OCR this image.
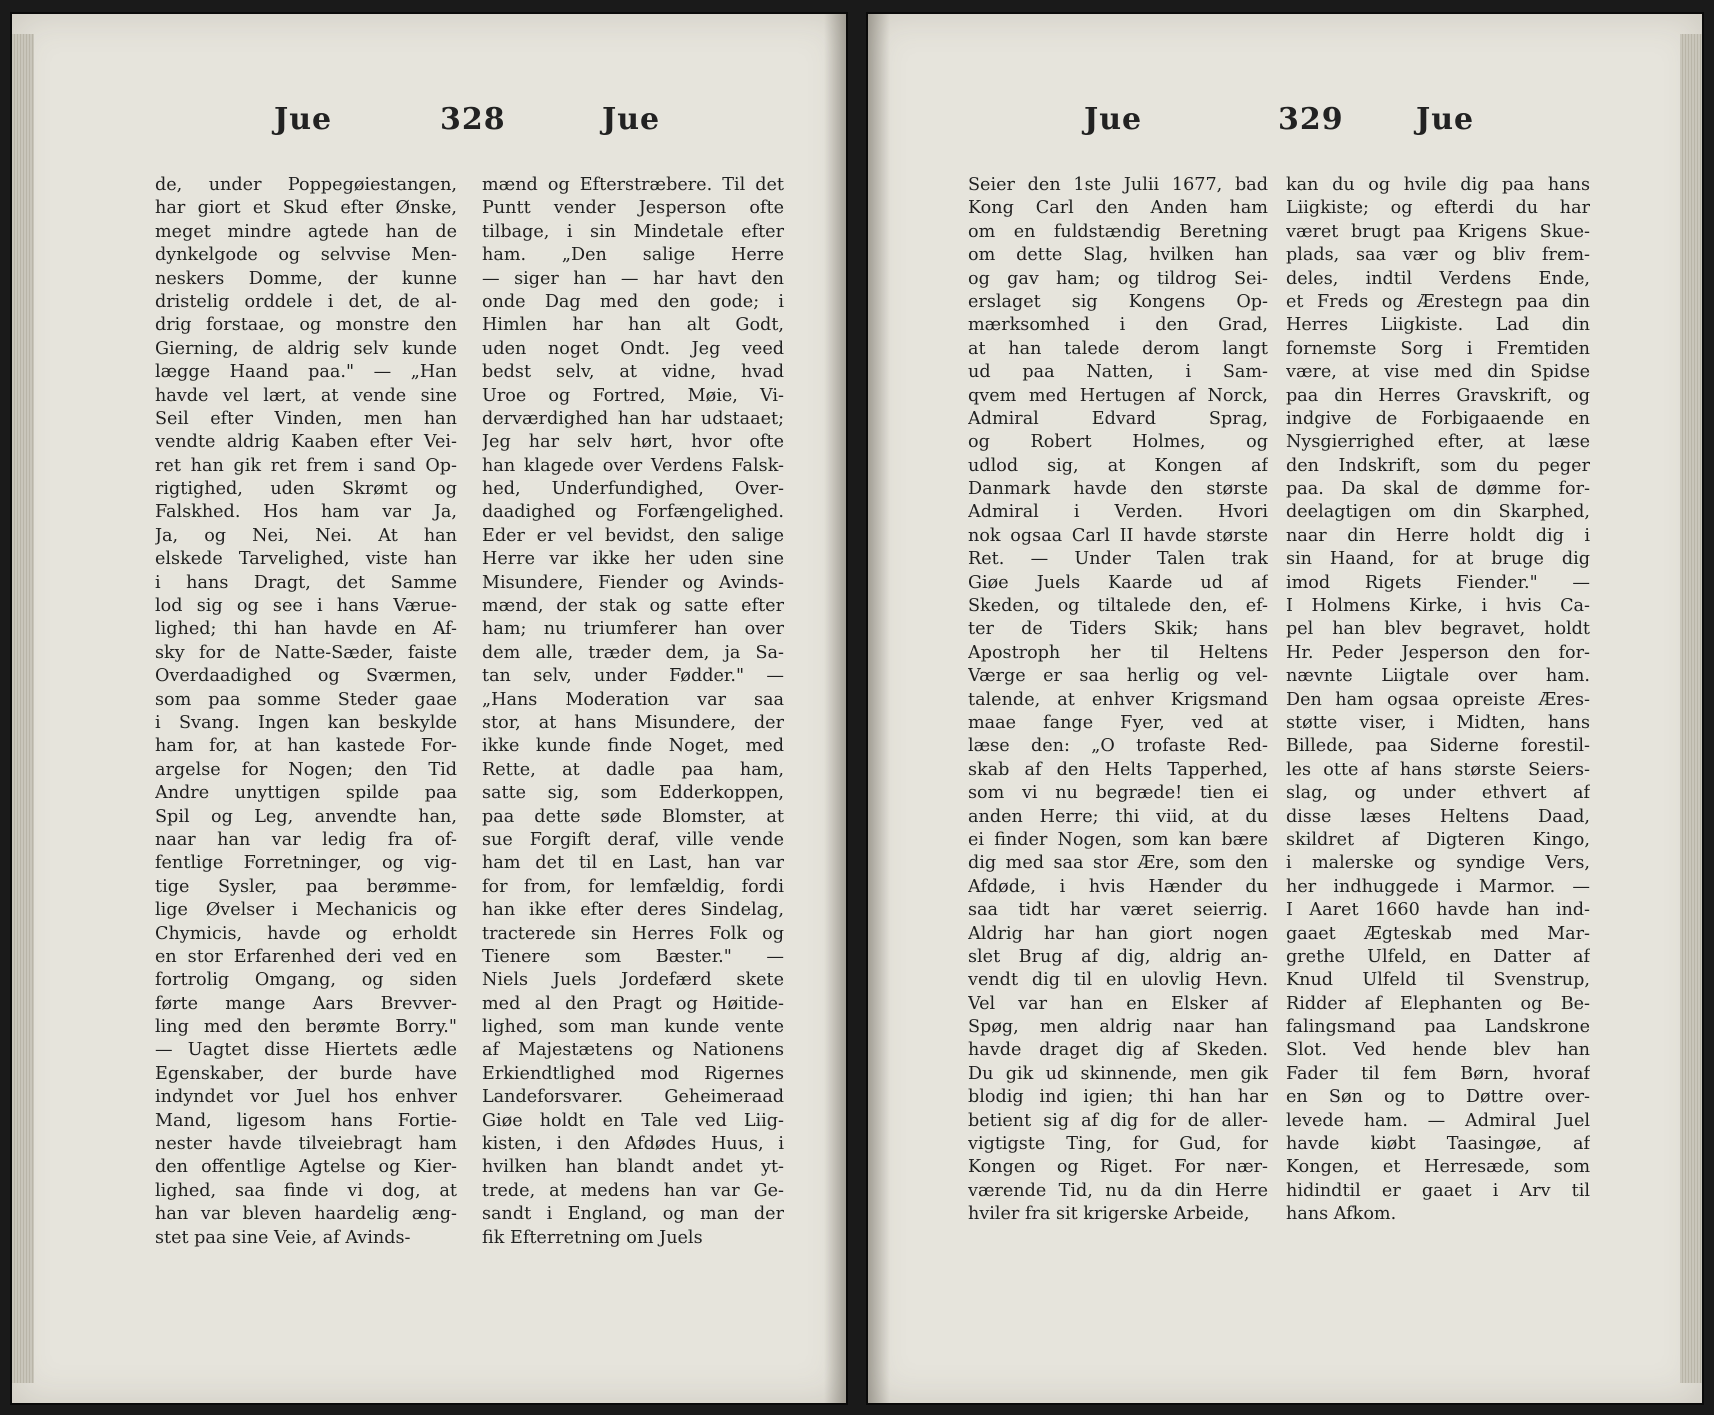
Jue	328	Jue
de, under Poppegøiestangen,
har giort et Skud efter Ønske,
meget mindre agtede han de
dynkelgode og selvvise Men-
neskers Domme, der kunne
dristelig orddele i det, de al-
drig forstaae, og monstre den
Gierning, de aldrig selv kunde
lægge Haand paa." — „Han
havde vel lært, at vende sine
Seil efter Vinden, men han
vendte aldrig Kaaben efter Vei-
ret han gik ret frem i sand Op-
rigtighed, uden Skrømt og
Falskhed. Hos ham var Ja,
Ja, og Nei, Nei. At han
elskede Tarvelighed, viste han
i hans Dragt, det Samme
lod sig og see i hans Værue-
lighed; thi han havde en Af-
sky for de Natte-Sæder, faiste
Overdaadighed og Sværmen,
som paa somme Steder gaae
i Svang. Ingen kan beskylde
ham for, at han kastede For-
argelse for Nogen; den Tid
Andre unyttigen spilde paa
Spil og Leg, anvendte han,
naar han var ledig fra of-
fentlige Forretninger, og vig-
tige Sysler, paa berømme-
lige Øvelser i Mechanicis og
Chymicis, havde og erholdt
en stor Erfarenhed deri ved en
fortrolig Omgang, og siden
førte mange Aars Brevver-
ling med den berømte Borry."
— Uagtet disse Hiertets ædle
Egenskaber, der burde have
indyndet vor Juel hos enhver
Mand, ligesom hans Fortie-
nester havde tilveiebragt ham
den offentlige Agtelse og Kier-
lighed, saa finde vi dog, at
han var bleven haardelig æng-
stet paa sine Veie, af Avinds-
mænd og Efterstræbere. Til det
Puntt vender Jesperson ofte
tilbage, i sin Mindetale efter
ham. „Den salige Herre
— siger han — har havt den
onde Dag med den gode; i
Himlen har han alt Godt,
uden noget Ondt. Jeg veed
bedst selv, at vidne, hvad
Uroe og Fortred, Møie, Vi-
derværdighed han har udstaaet;
Jeg har selv hørt, hvor ofte
han klagede over Verdens Falsk-
hed, Underfundighed, Over-
daadighed og Forfængelighed.
Eder er vel bevidst, den salige
Herre var ikke her uden sine
Misundere, Fiender og Avinds-
mænd, der stak og satte efter
ham; nu triumferer han over
dem alle, træder dem, ja Sa-
tan selv, under Fødder." —
„Hans Moderation var saa
stor, at hans Misundere, der
ikke kunde finde Noget, med
Rette, at dadle paa ham,
satte sig, som Edderkoppen,
paa dette søde Blomster, at
sue Forgift deraf, ville vende
ham det til en Last, han var
for from, for lemfældig, fordi
han ikke efter deres Sindelag,
tracterede sin Herres Folk og
Tienere som Bæster." —
Niels Juels Jordefærd skete
med al den Pragt og Høitide-
lighed, som man kunde vente
af Majestætens og Nationens
Erkiendtlighed mod Rigernes
Landeforsvarer. Geheimeraad
Giøe holdt en Tale ved Liig-
kisten, i den Afdødes Huus, i
hvilken han blandt andet yt-
trede, at medens han var Ge-
sandt i England, og man der
fik Efterretning om Juels
Jue	329 Jue
Seier den 1ste Julii 1677, bad
Kong Carl den Anden ham
om en fuldstændig Beretning
om dette Slag, hvilken han
og gav ham; og tildrog Sei-
erslaget sig Kongens Op-
mærksomhed i den Grad,
at han talede derom langt
ud paa Natten, i Sam-
qvem med Hertugen af Norck,
Admiral Edvard Sprag,
og Robert Holmes, og
udlod sig, at Kongen af
Danmark havde den største
Admiral i Verden. Hvori
nok ogsaa Carl II havde største
Ret. — Under Talen trak
Giøe Juels Kaarde ud af
Skeden, og tiltalede den, ef-
ter de Tiders Skik; hans
Apostroph her til Heltens
Værge er saa herlig og vel-
talende, at enhver Krigsmand
maae fange Fyer, ved at
læse den: „O trofaste Red-
skab af den Helts Tapperhed,
som vi nu begræde! tien ei
anden Herre; thi viid, at du
ei finder Nogen, som kan bære
dig med saa stor Ære, som den
Afdøde, i hvis Hænder du
saa tidt har været seierrig.
Aldrig har han giort nogen
slet Brug af dig, aldrig an-
vendt dig til en ulovlig Hevn.
Vel var han en Elsker af
Spøg, men aldrig naar han
havde draget dig af Skeden.
Du gik ud skinnende, men gik
blodig ind igien; thi han har
betient sig af dig for de aller-
vigtigste Ting, for Gud, for
Kongen og Riget. For nær-
værende Tid, nu da din Herre
hviler fra sit krigerske Arbeide,
kan du og hvile dig paa hans
Liigkiste; og efterdi du har
været brugt paa Krigens Skue-
plads, saa vær og bliv frem-
deles, indtil Verdens Ende,
et Freds og Ærestegn paa din
Herres Liigkiste. Lad din
fornemste Sorg i Fremtiden
være, at vise med din Spidse
paa din Herres Gravskrift, og
indgive de Forbigaaende en
Nysgierrighed efter, at læse
den Indskrift, som du peger
paa. Da skal de dømme for-
deelagtigen om din Skarphed,
naar din Herre holdt dig i
sin Haand, for at bruge dig
imod Rigets Fiender." —
I Holmens Kirke, i hvis Ca-
pel han blev begravet, holdt
Hr. Peder Jesperson den for-
nævnte Liigtale over ham.
Den ham ogsaa opreiste Æres-
støtte viser, i Midten, hans
Billede, paa Siderne forestil-
les otte af hans største Seiers-
slag, og under ethvert af
disse læses Heltens Daad,
skildret af Digteren Kingo,
i malerske og syndige Vers,
her indhuggede i Marmor. —
I Aaret 1660 havde han ind-
gaaet Ægteskab med Mar-
grethe Ulfeld, en Datter af
Knud Ulfeld til Svenstrup,
Ridder af Elephanten og Be-
falingsmand paa Landskrone
Slot. Ved hende blev han
Fader til fem Børn, hvoraf
en Søn og to Døttre over-
levede ham. — Admiral Juel
havde kiøbt Taasingøe, af
Kongen, et Herresæde, som
hidindtil er gaaet i Arv til
hans Afkom.
